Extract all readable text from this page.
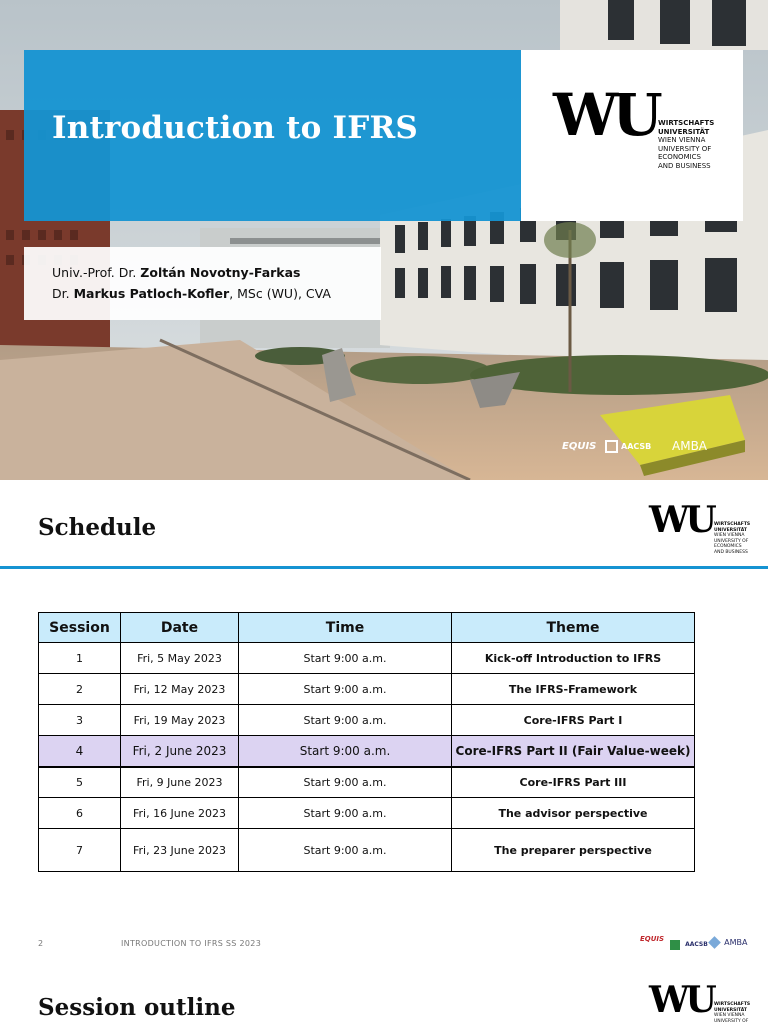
Introduction to IFRS WU WIRTSCHAFTS
UNIVERSITÄT
WIEN VIENNA
UNIVERSITY OF
ECONOMICS
AND BUSINESS
Univ.-Prof. Dr. Zoltán Novotny-Farkas
Dr. Markus Patloch-Kofler, MSc (WU), CVA
EQUIS	AACSB AMBA
Schedule	WU WIRTSCHAFTS
UNIVERSITÄT
WIEN VIENNA
UNIVERSITY OF
ECONOMICS
AND BUSINESS
Session	Date	Time	Theme
1	Fri, 5 May 2023	Start 9:00 a.m.	Kick-off Introduction to IFRS
2	Fri, 12 May 2023	Start 9:00 a.m.	The IFRS-Framework
3	Fri, 19 May 2023	Start 9:00 a.m.	Core-IFRS Part I
4	Fri, 2 June 2023	Start 9:00 a.m.	Core-IFRS Part II (Fair Value-week)
5	Fri, 9 June 2023	Start 9:00 a.m.	Core-IFRS Part III
6	Fri, 16 June 2023	Start 9:00 a.m.	The advisor perspective
7	Fri, 23 June 2023	Start 9:00 a.m.	The preparer perspective
2	INTRODUCTION TO IFRS SS 2023	EQUIS
AACSB	AMBA
Session outline	WU WIRTSCHAFTS
UNIVERSITÄT
WIEN VIENNA
UNIVERSITY OF
